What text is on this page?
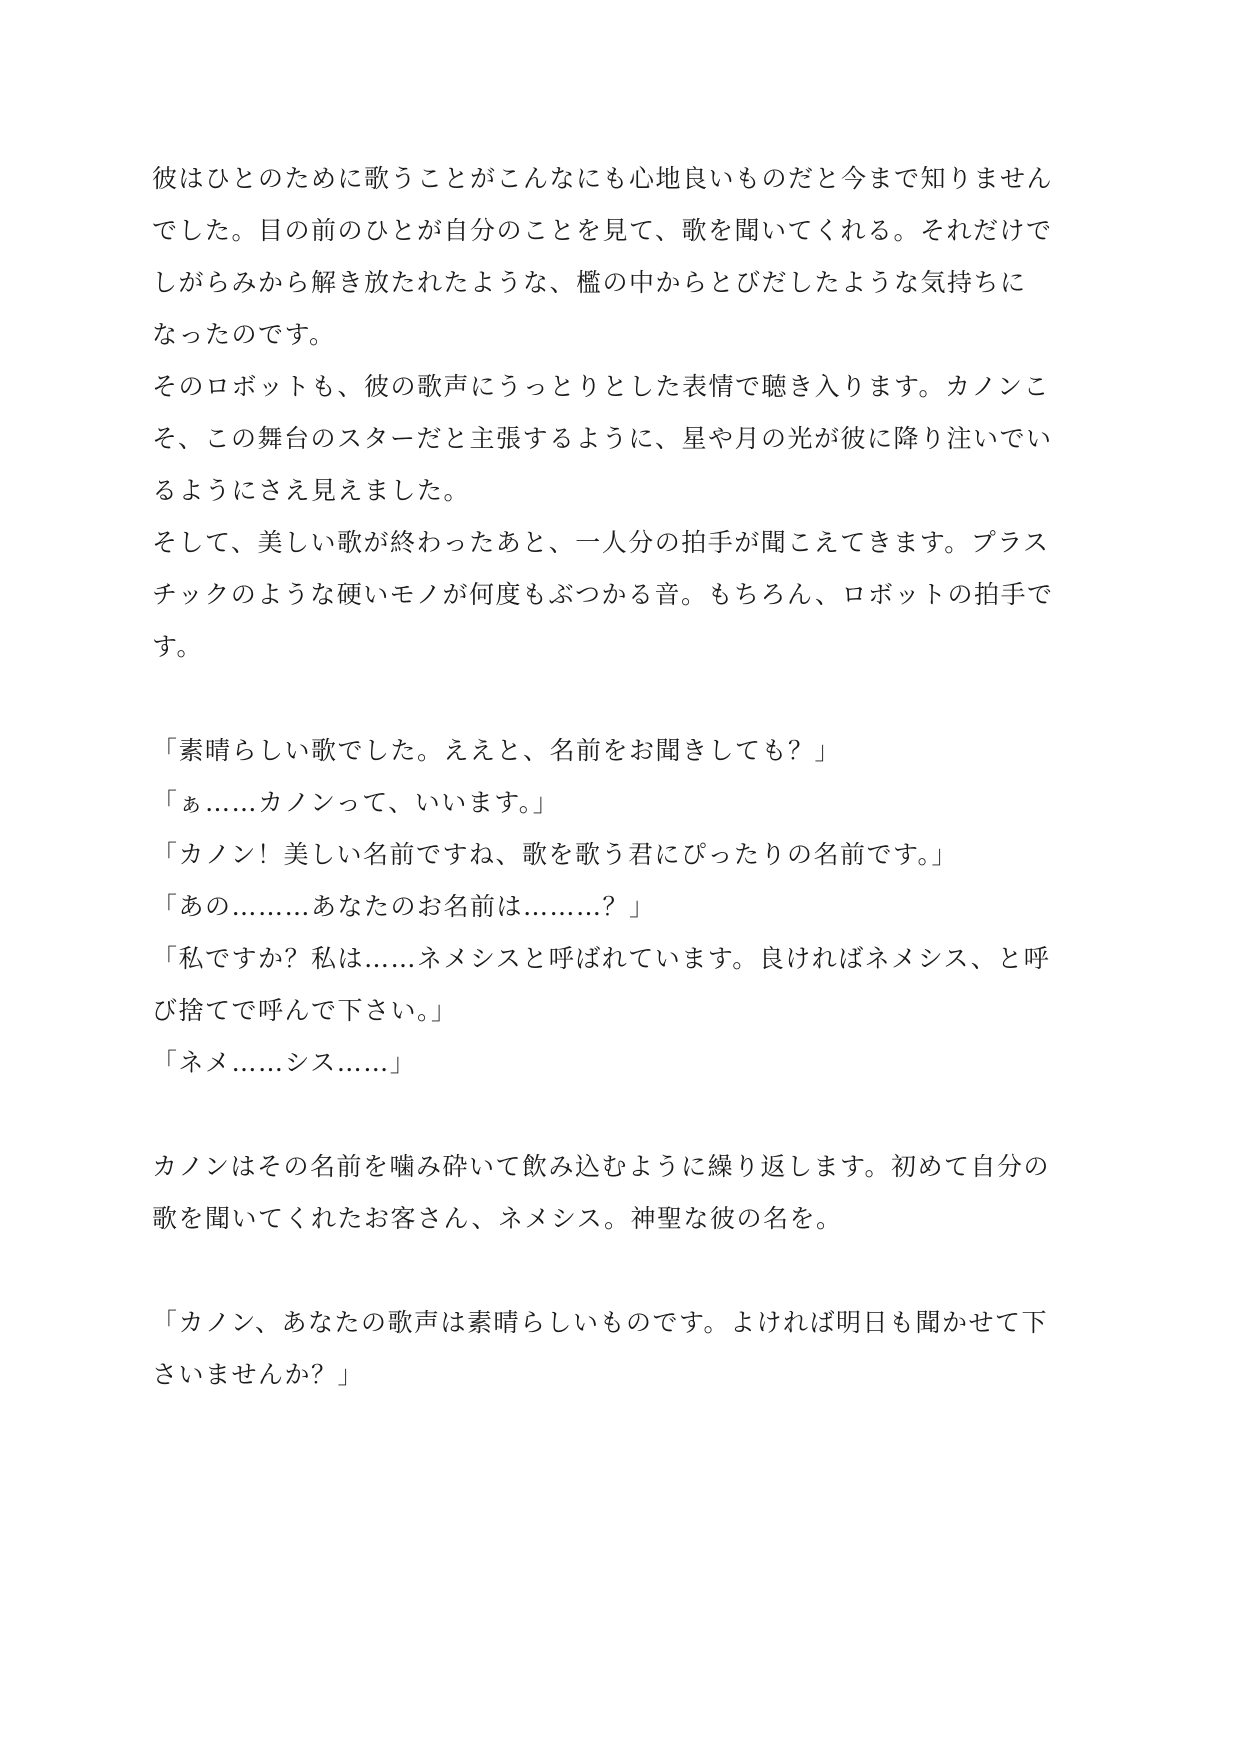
彼はひとのために歌うことがこんなにも心地良いものだと今まで知りません
でした。目の前のひとが自分のことを見て、歌を聞いてくれる。それだけで
しがらみから解き放たれたような、檻の中からとびだしたような気持ちに
なったのです。
そのロボットも、彼の歌声にうっとりとした表情で聴き入ります。カノンこ
そ、この舞台のスターだと主張するように、星や月の光が彼に降り注いでい
るようにさえ見えました。
そして、美しい歌が終わったあと、一人分の拍手が聞こえてきます。プラス
チックのような硬いモノが何度もぶつかる音。もちろん、ロボットの拍手で
す。
「素晴らしい歌でした。ええと、名前をお聞きしても？」
「ぁ……カノンって、いいます。」
「カノン！美しい名前ですね、歌を歌う君にぴったりの名前です。」
「あの………あなたのお名前は………？」
「私ですか？私は……ネメシスと呼ばれています。良ければネメシス、と呼
び捨てで呼んで下さい。」
「ネメ……シス……」
カノンはその名前を噛み砕いて飲み込むように繰り返します。初めて自分の
歌を聞いてくれたお客さん、ネメシス。神聖な彼の名を。
「カノン、あなたの歌声は素晴らしいものです。よければ明日も聞かせて下
さいませんか？」
